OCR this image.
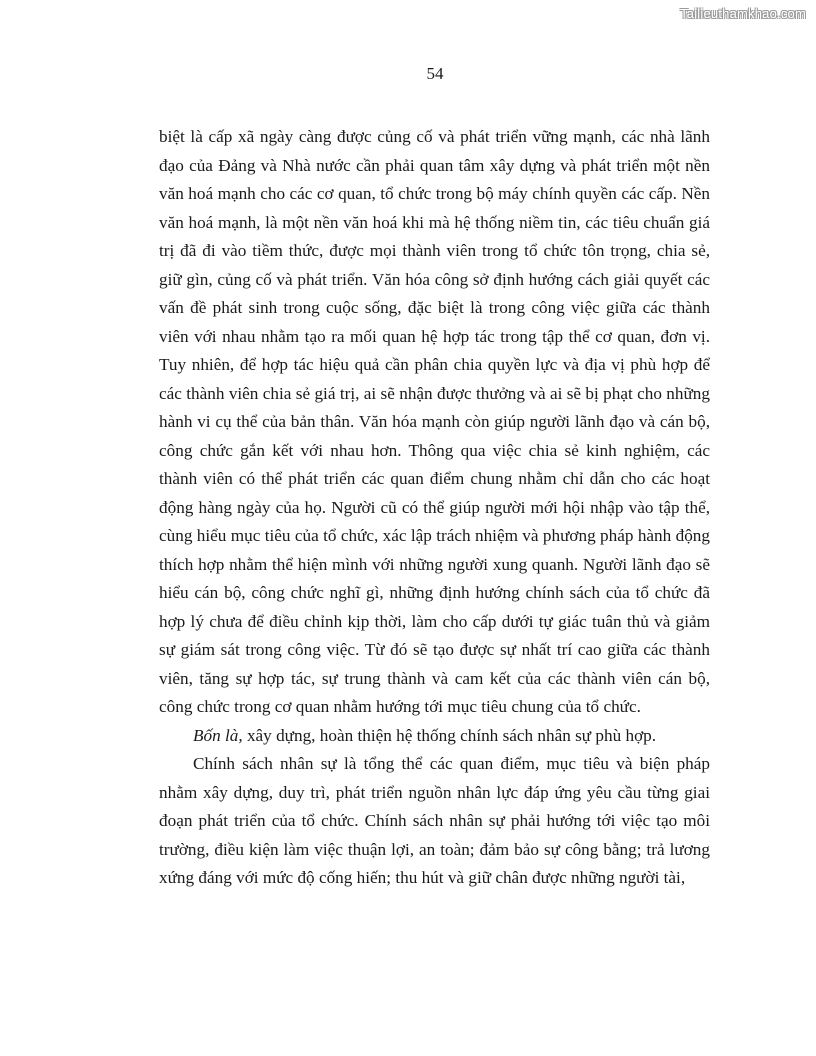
Tailieuthamkhao.com
54

biệt là cấp xã ngày càng được củng cố và phát triển vững mạnh, các nhà lãnh đạo của Đảng và Nhà nước cần phải quan tâm xây dựng và phát triển một nền văn hoá mạnh cho các cơ quan, tổ chức trong bộ máy chính quyền các cấp. Nền văn hoá mạnh, là một nền văn hoá khi mà hệ thống niềm tin, các tiêu chuẩn giá trị đã đi vào tiềm thức, được mọi thành viên trong tổ chức tôn trọng, chia sẻ, giữ gìn, củng cố và phát triển. Văn hóa công sở định hướng cách giải quyết các vấn đề phát sinh trong cuộc sống, đặc biệt là trong công việc giữa các thành viên với nhau nhằm tạo ra mối quan hệ hợp tác trong tập thể cơ quan, đơn vị. Tuy nhiên, để hợp tác hiệu quả cần phân chia quyền lực và địa vị phù hợp để các thành viên chia sẻ giá trị, ai sẽ nhận được thưởng và ai sẽ bị phạt cho những hành vi cụ thể của bản thân. Văn hóa mạnh còn giúp người lãnh đạo và cán bộ, công chức gắn kết với nhau hơn. Thông qua việc chia sẻ kinh nghiệm, các thành viên có thể phát triển các quan điểm chung nhằm chỉ dẫn cho các hoạt động hàng ngày của họ. Người cũ có thể giúp người mới hội nhập vào tập thể, cùng hiểu mục tiêu của tổ chức, xác lập trách nhiệm và phương pháp hành động thích hợp nhằm thể hiện mình với những người xung quanh. Người lãnh đạo sẽ hiểu cán bộ, công chức nghĩ gì, những định hướng chính sách của tổ chức đã hợp lý chưa để điều chỉnh kịp thời, làm cho cấp dưới tự giác tuân thủ và giảm sự giám sát trong công việc. Từ đó sẽ tạo được sự nhất trí cao giữa các thành viên, tăng sự hợp tác, sự trung thành và cam kết của các thành viên cán bộ, công chức trong cơ quan nhằm hướng tới mục tiêu chung của tổ chức.

Bốn là, xây dựng, hoàn thiện hệ thống chính sách nhân sự phù hợp.

Chính sách nhân sự là tổng thể các quan điểm, mục tiêu và biện pháp nhằm xây dựng, duy trì, phát triển nguồn nhân lực đáp ứng yêu cầu từng giai đoạn phát triển của tổ chức. Chính sách nhân sự phải hướng tới việc tạo môi trường, điều kiện làm việc thuận lợi, an toàn; đảm bảo sự công bằng; trả lương xứng đáng với mức độ cống hiến; thu hút và giữ chân được những người tài,
